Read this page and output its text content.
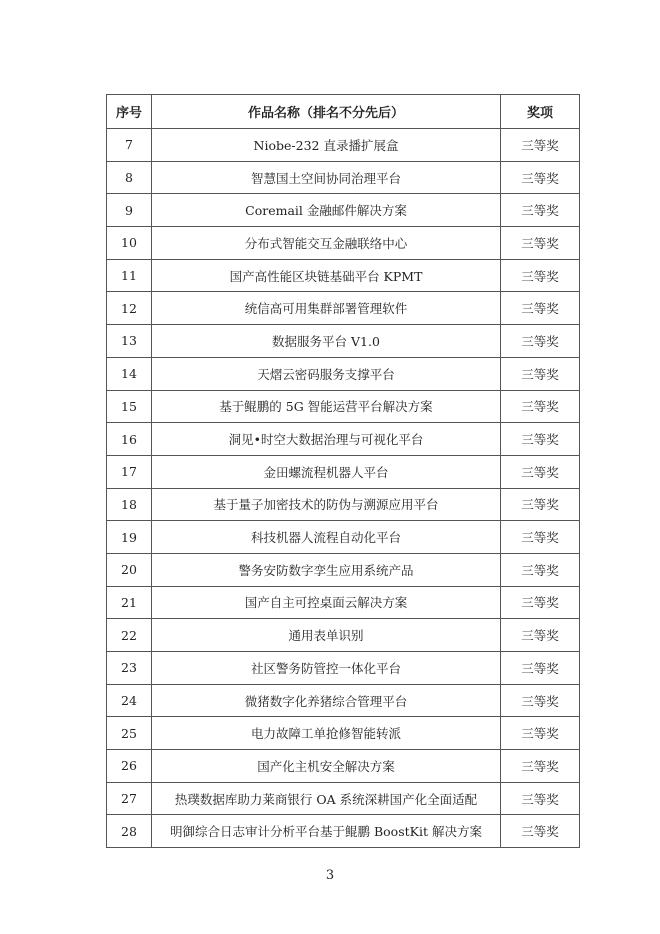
序号	作品名称（排名不分先后）	奖项
7	Niobe-232 直录播扩展盒	三等奖
8	智慧国土空间协同治理平台	三等奖
9	Coremail 金融邮件解决方案	三等奖
10	分布式智能交互金融联络中心	三等奖
11	国产高性能区块链基础平台 KPMT	三等奖
12	统信高可用集群部署管理软件	三等奖
13	数据服务平台 V1.0	三等奖
14	天熠云密码服务支撑平台	三等奖
15	基于鲲鹏的 5G 智能运营平台解决方案	三等奖
16	洞见•时空大数据治理与可视化平台	三等奖
17	金田螺流程机器人平台	三等奖
18	基于量子加密技术的防伪与溯源应用平台	三等奖
19	科技机器人流程自动化平台	三等奖
20	警务安防数字孪生应用系统产品	三等奖
21	国产自主可控桌面云解决方案	三等奖
22	通用表单识别	三等奖
23	社区警务防管控一体化平台	三等奖
24	微猪数字化养猪综合管理平台	三等奖
25	电力故障工单抢修智能转派	三等奖
26	国产化主机安全解决方案	三等奖
27	热璞数据库助力莱商银行 OA 系统深耕国产化全面适配	三等奖
28	明御综合日志审计分析平台基于鲲鹏 BoostKit 解决方案	三等奖
3
